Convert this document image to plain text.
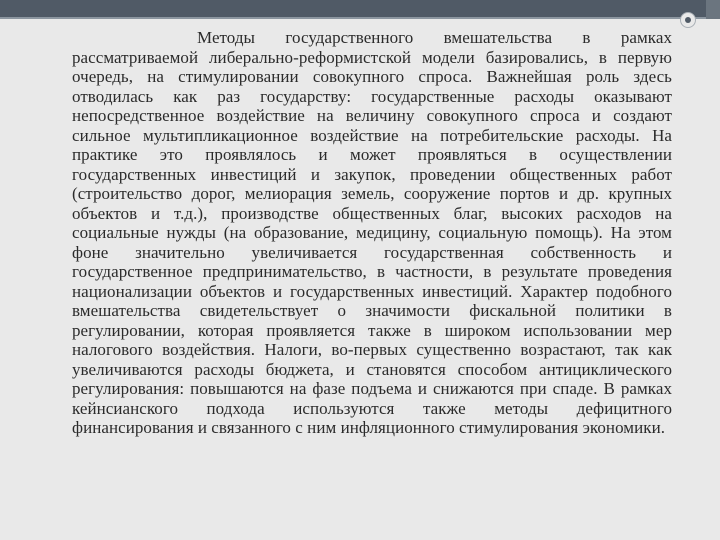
Методы государственного вмешательства в рамках рассматриваемой либерально-реформистской модели базировались, в первую очередь, на стимулировании совокупного спроса. Важнейшая роль здесь отводилась как раз государству: государственные расходы оказывают непосредственное воздействие на величину совокупного спроса и создают сильное мультипликационное воздействие на потребительские расходы. На практике это проявлялось и может проявляться в осуществлении государственных инвестиций и закупок, проведении общественных работ (строительство дорог, мелиорация земель, сооружение портов и др. крупных объектов и т.д.), производстве общественных благ, высоких расходов на социальные нужды (на образование, медицину, социальную помощь). На этом фоне значительно увеличивается государственная собственность и государственное предпринимательство, в частности, в результате проведения национализации объектов и государственных инвестиций. Характер подобного вмешательства свидетельствует о значимости фискальной политики в регулировании, которая проявляется также в широком использовании мер налогового воздействия. Налоги, во-первых существенно возрастают, так как увеличиваются расходы бюджета, и становятся способом антициклического регулирования: повышаются на фазе подъема и снижаются при спаде. В рамках кейнсианского подхода используются также методы дефицитного финансирования и связанного с ним инфляционного стимулирования экономики.
